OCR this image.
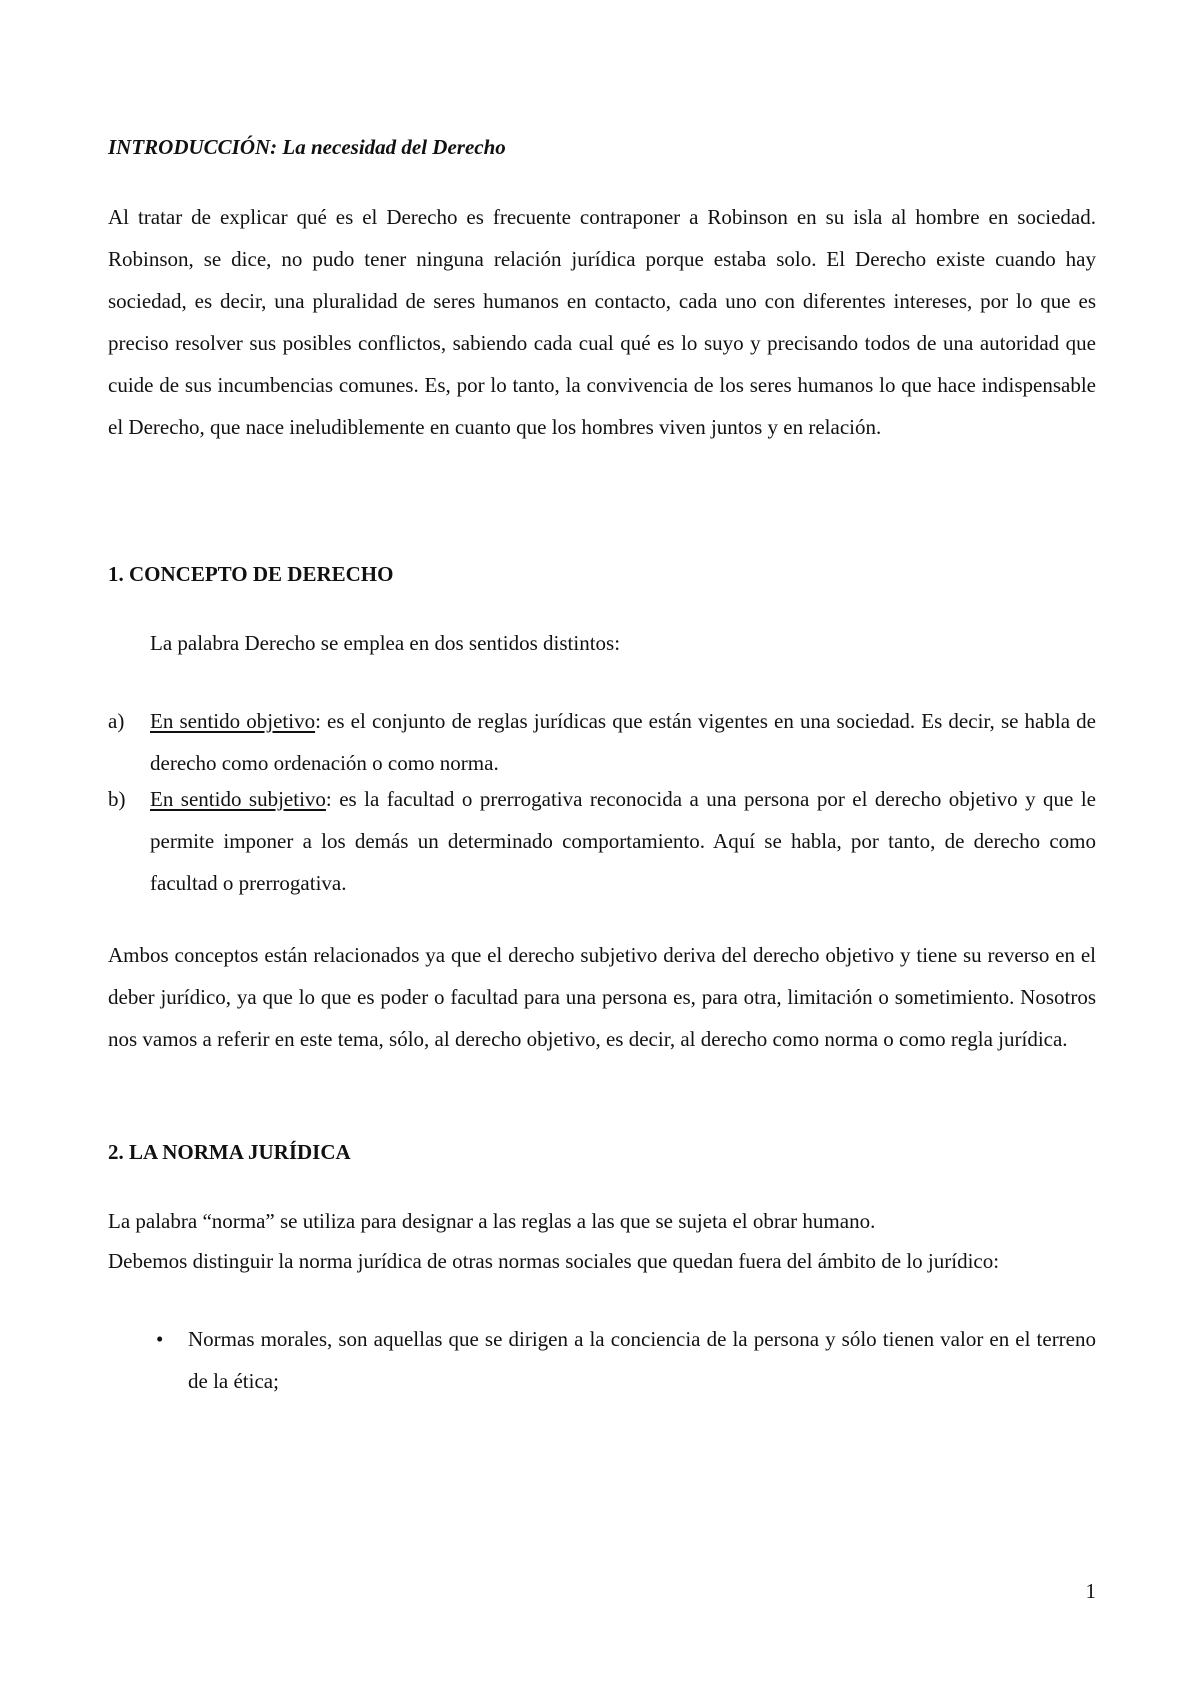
INTRODUCCIÓN: La necesidad del Derecho

Al tratar de explicar qué es el Derecho es frecuente contraponer a Robinson en su isla al hombre en sociedad. Robinson, se dice, no pudo tener ninguna relación jurídica porque estaba solo. El Derecho existe cuando hay sociedad, es decir, una pluralidad de seres humanos en contacto, cada uno con diferentes intereses, por lo que es preciso resolver sus posibles conflictos, sabiendo cada cual qué es lo suyo y precisando todos de una autoridad que cuide de sus incumbencias comunes. Es, por lo tanto, la convivencia de los seres humanos lo que hace indispensable el Derecho, que nace ineludiblemente en cuanto que los hombres viven juntos y en relación.

1. CONCEPTO DE DERECHO

La palabra Derecho se emplea en dos sentidos distintos:

a) En sentido objetivo: es el conjunto de reglas jurídicas que están vigentes en una sociedad. Es decir, se habla de derecho como ordenación o como norma.
b) En sentido subjetivo: es la facultad o prerrogativa reconocida a una persona por el derecho objetivo y que le permite imponer a los demás un determinado comportamiento. Aquí se habla, por tanto, de derecho como facultad o prerrogativa.

Ambos conceptos están relacionados ya que el derecho subjetivo deriva del derecho objetivo y tiene su reverso en el deber jurídico, ya que lo que es poder o facultad para una persona es, para otra, limitación o sometimiento. Nosotros nos vamos a referir en este tema, sólo, al derecho objetivo, es decir, al derecho como norma o como regla jurídica.

2. LA NORMA JURÍDICA

La palabra “norma” se utiliza para designar a las reglas a las que se sujeta el obrar humano.

Debemos distinguir la norma jurídica de otras normas sociales que quedan fuera del ámbito de lo jurídico:

• Normas morales, son aquellas que se dirigen a la conciencia de la persona y sólo tienen valor en el terreno de la ética;
1
